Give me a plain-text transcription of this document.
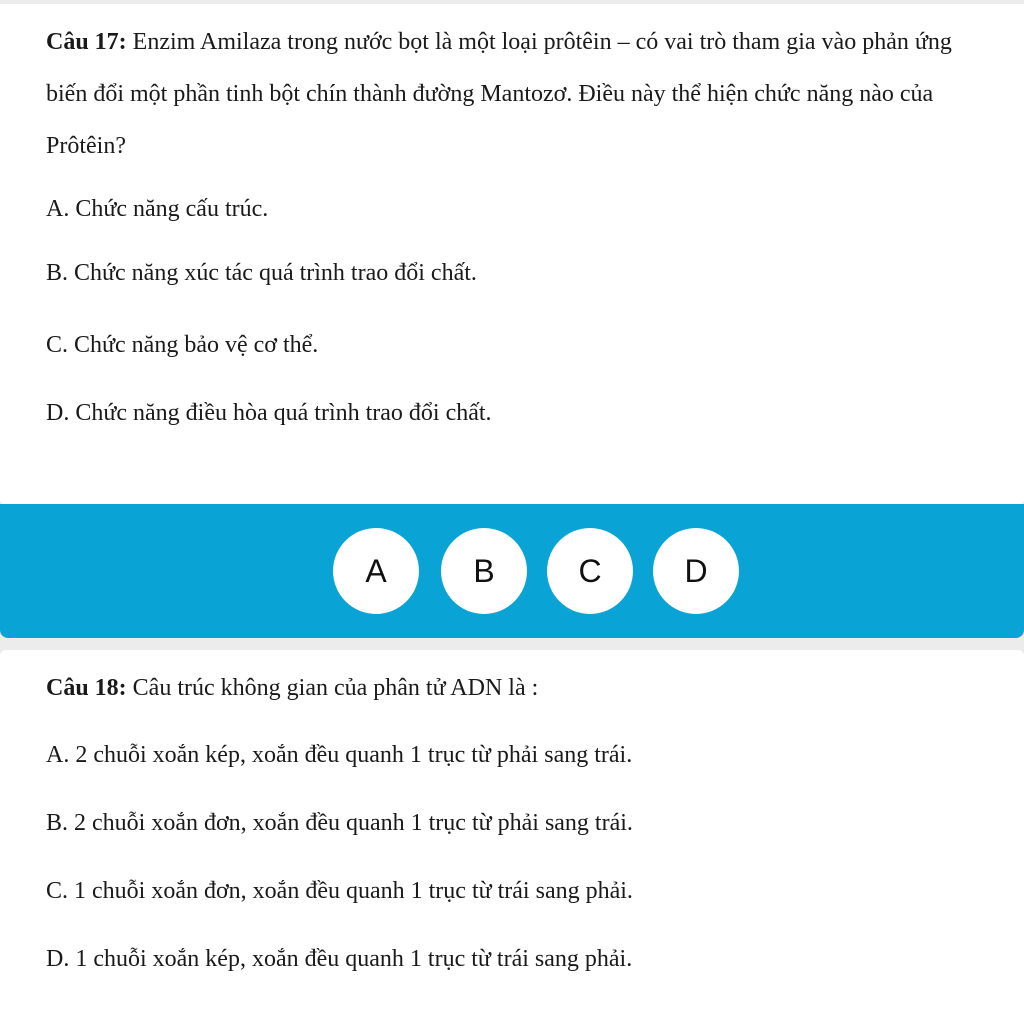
Câu 17: Enzim Amilaza trong nước bọt là một loại prôtêin – có vai trò tham gia vào phản ứng biến đổi một phần tinh bột chín thành đường Mantozơ. Điều này thể hiện chức năng nào của Prôtêin?

A. Chức năng cấu trúc.
B. Chức năng xúc tác quá trình trao đổi chất.
C. Chức năng bảo vệ cơ thể.
D. Chức năng điều hòa quá trình trao đổi chất.
A	B	C	D

Câu 18: Câu trúc không gian của phân tử ADN là :

A. 2 chuỗi xoắn kép, xoắn đều quanh 1 trục từ phải sang trái.
B. 2 chuỗi xoắn đơn, xoắn đều quanh 1 trục từ phải sang trái.
C. 1 chuỗi xoắn đơn, xoắn đều quanh 1 trục từ trái sang phải.
D. 1 chuỗi xoắn kép, xoắn đều quanh 1 trục từ trái sang phải.
